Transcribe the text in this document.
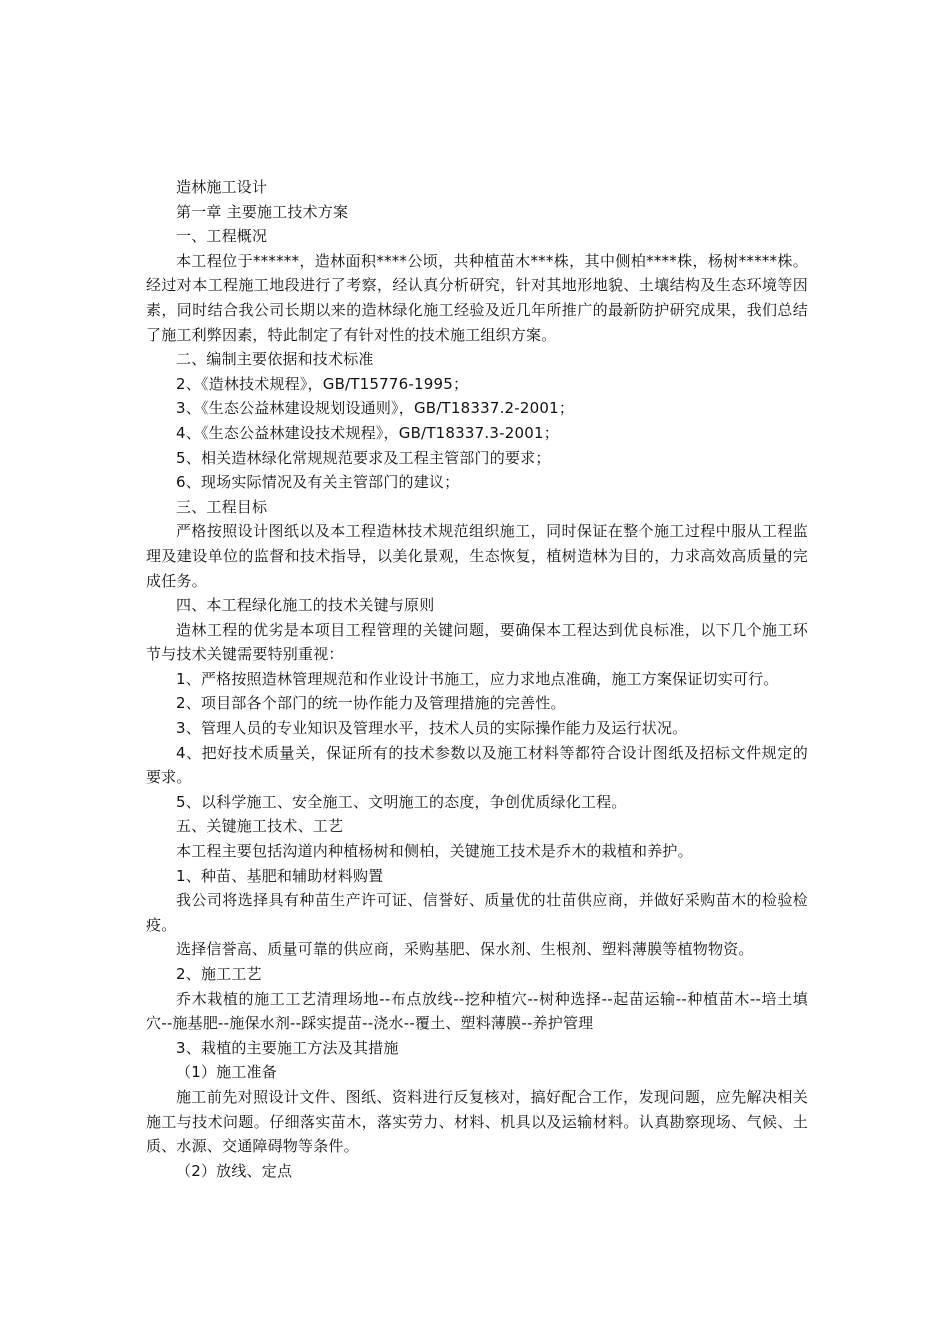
造林施工设计

第一章 主要施工技术方案

一、工程概况

本工程位于******，造林面积****公顷，共种植苗木***株，其中侧柏****株，杨树*****株。经过对本工程施工地段进行了考察，经认真分析研究，针对其地形地貌、土壤结构及生态环境等因素，同时结合我公司长期以来的造林绿化施工经验及近几年所推广的最新防护研究成果，我们总结了施工利弊因素，特此制定了有针对性的技术施工组织方案。

二、编制主要依据和技术标准

2、《造林技术规程》，GB/T15776-1995；

3、《生态公益林建设规划设通则》，GB/T18337.2-2001；

4、《生态公益林建设技术规程》，GB/T18337.3-2001；

5、相关造林绿化常规规范要求及工程主管部门的要求；

6、现场实际情况及有关主管部门的建议；

三、工程目标

严格按照设计图纸以及本工程造林技术规范组织施工，同时保证在整个施工过程中服从工程监理及建设单位的监督和技术指导，以美化景观，生态恢复，植树造林为目的，力求高效高质量的完成任务。

四、本工程绿化施工的技术关键与原则

造林工程的优劣是本项目工程管理的关键问题，要确保本工程达到优良标准，以下几个施工环节与技术关键需要特别重视：

1、严格按照造林管理规范和作业设计书施工，应力求地点准确，施工方案保证切实可行。

2、项目部各个部门的统一协作能力及管理措施的完善性。

3、管理人员的专业知识及管理水平，技术人员的实际操作能力及运行状况。

4、把好技术质量关，保证所有的技术参数以及施工材料等都符合设计图纸及招标文件规定的要求。

5、以科学施工、安全施工、文明施工的态度，争创优质绿化工程。

五、关键施工技术、工艺

本工程主要包括沟道内种植杨树和侧柏，关键施工技术是乔木的栽植和养护。

1、种苗、基肥和辅助材料购置

我公司将选择具有种苗生产许可证、信誉好、质量优的壮苗供应商，并做好采购苗木的检验检疫。

选择信誉高、质量可靠的供应商，采购基肥、保水剂、生根剂、塑料薄膜等植物物资。

2、施工工艺

乔木栽植的施工工艺清理场地--布点放线--挖种植穴--树种选择--起苗运输--种植苗木--培土填穴--施基肥--施保水剂--踩实提苗--浇水--覆土、塑料薄膜--养护管理

3、栽植的主要施工方法及其措施

（1）施工准备

施工前先对照设计文件、图纸、资料进行反复核对，搞好配合工作，发现问题，应先解决相关施工与技术问题。仔细落实苗木，落实劳力、材料、机具以及运输材料。认真勘察现场、气候、土质、水源、交通障碍物等条件。

（2）放线、定点
